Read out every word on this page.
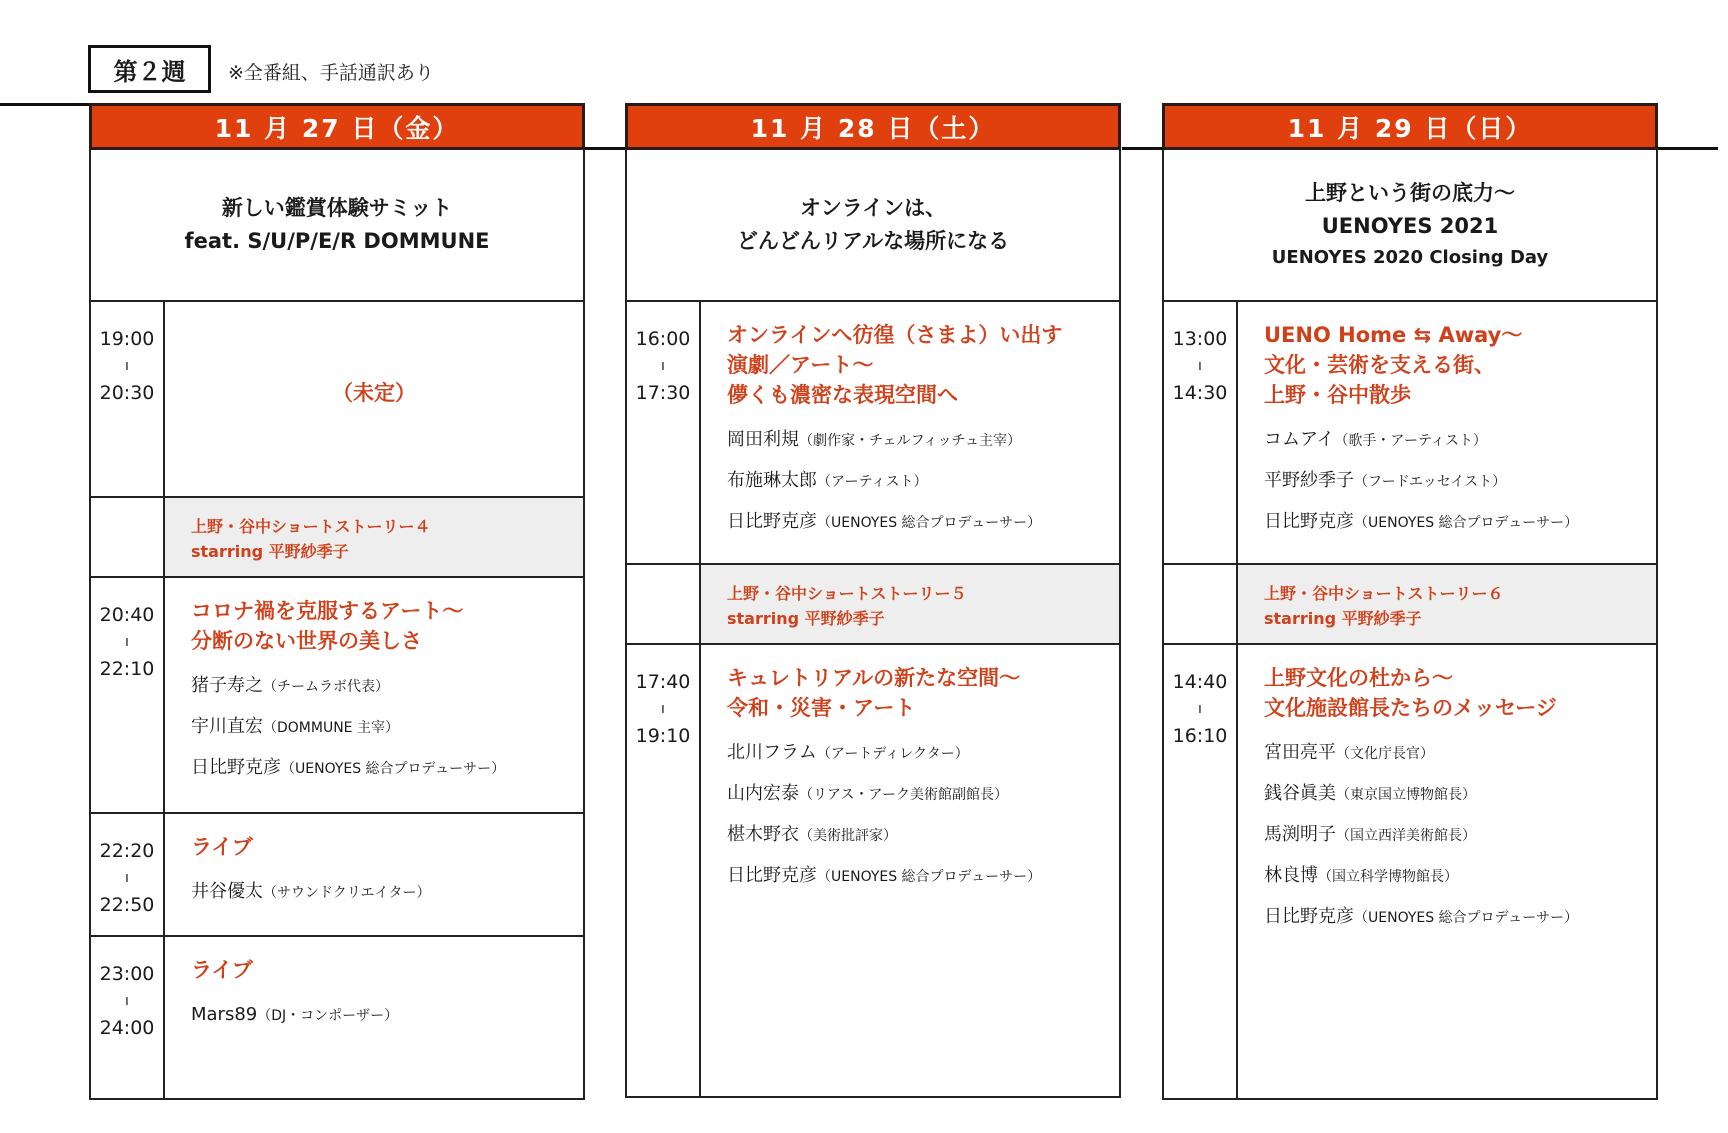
第２週	※全番組、手話通訳あり
11 月 27 日（金）
新しい鑑賞体験サミット
feat. S/U/P/E/R DOMMUNE
19:00
ı
20:30	（未定）
上野・谷中ショートストーリー４
starring 平野紗季子
20:40
ı
22:10
コロナ禍を克服するアート〜
分断のない世界の美しさ
猪子寿之（チームラボ代表）
宇川直宏（DOMMUNE 主宰）
日比野克彦（UENOYES 総合プロデューサー）
22:20
ı
22:50
ライブ
井谷優太（サウンドクリエイター）
23:00
ı
24:00
ライブ
Mars89（DJ・コンポーザー）
11 月 28 日（土）
オンラインは、
どんどんリアルな場所になる
16:00
ı
17:30
オンラインへ彷徨（さまよ）い出す
演劇／アート〜
儚くも濃密な表現空間へ
岡田利規（劇作家・チェルフィッチュ主宰）
布施琳太郎（アーティスト）
日比野克彦（UENOYES 総合プロデューサー）
上野・谷中ショートストーリー５
starring 平野紗季子
17:40
ı
19:10
キュレトリアルの新たな空間〜
令和・災害・アート
北川フラム（アートディレクター）
山内宏泰（リアス・アーク美術館副館長）
椹木野衣（美術批評家）
日比野克彦（UENOYES 総合プロデューサー）
11 月 29 日（日）
上野という街の底力〜
UENOYES 2021
UENOYES 2020 Closing Day
13:00
ı
14:30
UENO Home ⇆ Away〜
文化・芸術を支える街、
上野・谷中散歩
コムアイ（歌手・アーティスト）
平野紗季子（フードエッセイスト）
日比野克彦（UENOYES 総合プロデューサー）
上野・谷中ショートストーリー６
starring 平野紗季子
14:40
ı
16:10
上野文化の杜から〜
文化施設館長たちのメッセージ
宮田亮平（文化庁長官）
銭谷眞美（東京国立博物館長）
馬渕明子（国立西洋美術館長）
林良博（国立科学博物館長）
日比野克彦（UENOYES 総合プロデューサー）
